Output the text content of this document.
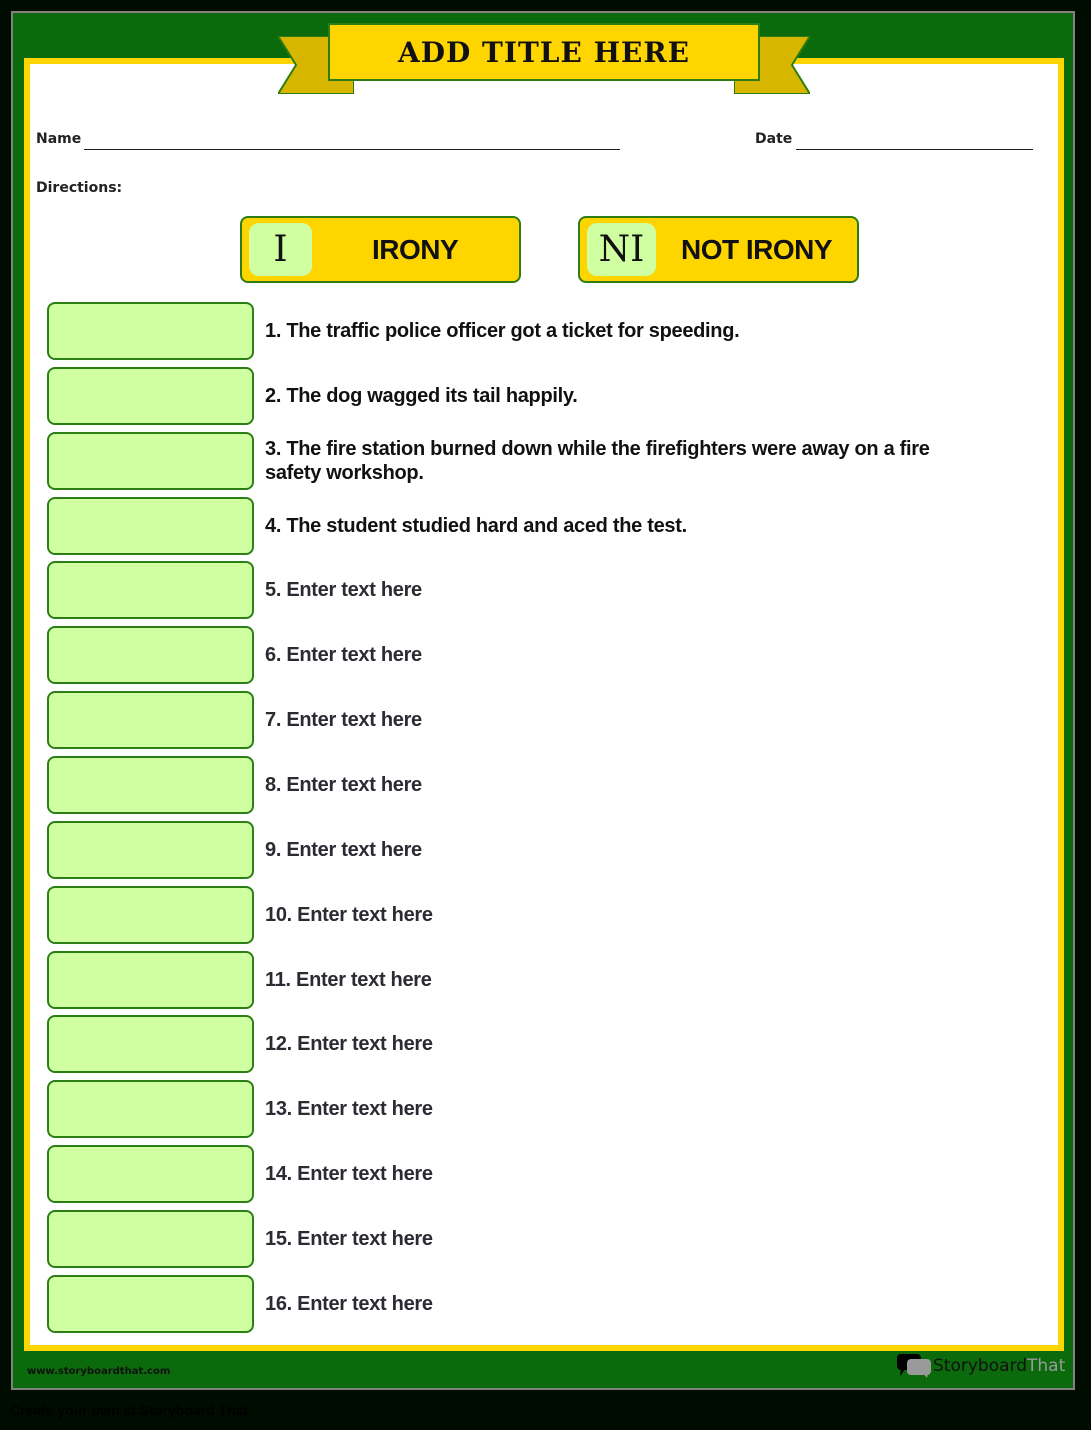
ADD TITLE HERE
Name	Date
Directions:
I	IRONY	NI	NOT IRONY
1. The traffic police officer got a ticket for speeding.
2. The dog wagged its tail happily.
3. The fire station burned down while the firefighters were away on a fire safety workshop.
4. The student studied hard and aced the test.
5. Enter text here
6. Enter text here
7. Enter text here
8. Enter text here
9. Enter text here
10. Enter text here
11. Enter text here
12. Enter text here
13. Enter text here
14. Enter text here
15. Enter text here
16. Enter text here
www.storyboardthat.com	StoryboardThat
Create your own at Storyboard That
